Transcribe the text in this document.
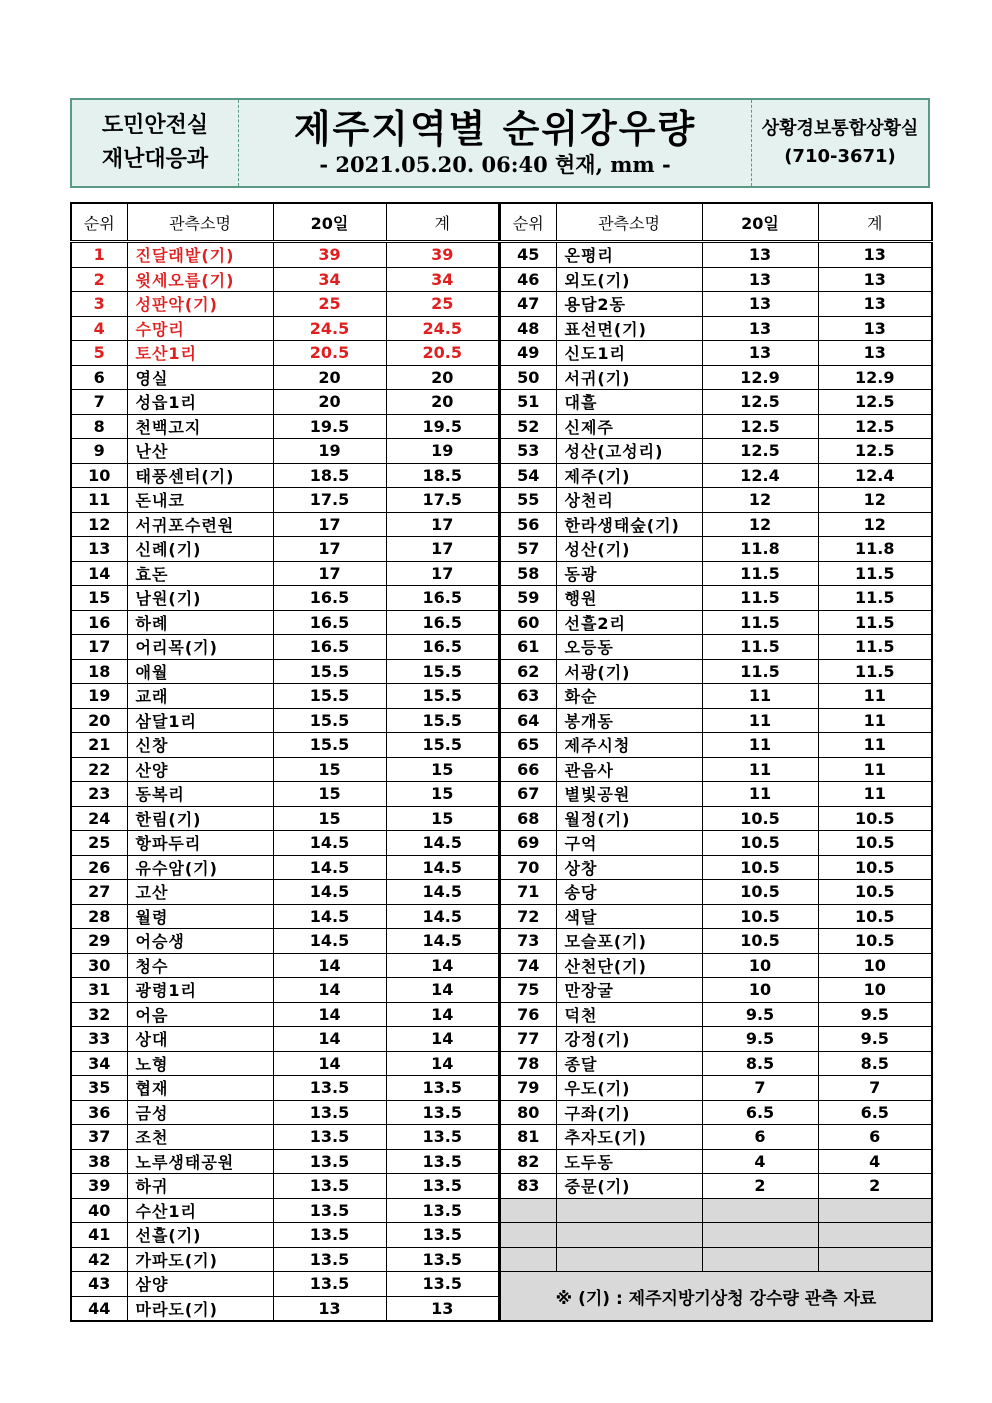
도민안전실
재난대응과
제주지역별 순위강우량
- 2021.05.20. 06:40 현재, mm -
상황경보통합상황실
(710-3671)
순위	관측소명	20일	계
1	진달래밭(기)	39	39
2	윗세오름(기)	34	34
3	성판악(기)	25	25
4	수망리	24.5	24.5
5	토산1리	20.5	20.5
6	영실	20	20
7	성읍1리	20	20
8	천백고지	19.5	19.5
9	난산	19	19
10	태풍센터(기)	18.5	18.5
11	돈내코	17.5	17.5
12	서귀포수련원	17	17
13	신례(기)	17	17
14	효돈	17	17
15	남원(기)	16.5	16.5
16	하례	16.5	16.5
17	어리목(기)	16.5	16.5
18	애월	15.5	15.5
19	교래	15.5	15.5
20	삼달1리	15.5	15.5
21	신창	15.5	15.5
22	산양	15	15
23	동복리	15	15
24	한림(기)	15	15
25	항파두리	14.5	14.5
26	유수암(기)	14.5	14.5
27	고산	14.5	14.5
28	월령	14.5	14.5
29	어승생	14.5	14.5
30	청수	14	14
31	광령1리	14	14
32	어음	14	14
33	상대	14	14
34	노형	14	14
35	협재	13.5	13.5
36	금성	13.5	13.5
37	조천	13.5	13.5
38	노루생태공원	13.5	13.5
39	하귀	13.5	13.5
40	수산1리	13.5	13.5
41	선흘(기)	13.5	13.5
42	가파도(기)	13.5	13.5
43	삼양	13.5	13.5
44	마라도(기)	13	13
순위	관측소명	20일	계
45	온평리	13	13
46	외도(기)	13	13
47	용담2동	13	13
48	표선면(기)	13	13
49	신도1리	13	13
50	서귀(기)	12.9	12.9
51	대흘	12.5	12.5
52	신제주	12.5	12.5
53	성산(고성리)	12.5	12.5
54	제주(기)	12.4	12.4
55	상천리	12	12
56	한라생태숲(기)	12	12
57	성산(기)	11.8	11.8
58	동광	11.5	11.5
59	행원	11.5	11.5
60	선흘2리	11.5	11.5
61	오등동	11.5	11.5
62	서광(기)	11.5	11.5
63	화순	11	11
64	봉개동	11	11
65	제주시청	11	11
66	관음사	11	11
67	별빛공원	11	11
68	월정(기)	10.5	10.5
69	구억	10.5	10.5
70	상창	10.5	10.5
71	송당	10.5	10.5
72	색달	10.5	10.5
73	모슬포(기)	10.5	10.5
74	산천단(기)	10	10
75	만장굴	10	10
76	덕천	9.5	9.5
77	강정(기)	9.5	9.5
78	종달	8.5	8.5
79	우도(기)	7	7
80	구좌(기)	6.5	6.5
81	추자도(기)	6	6
82	도두동	4	4
83	중문(기)	2	2

※ (기) : 제주지방기상청 강수량 관측 자료			
